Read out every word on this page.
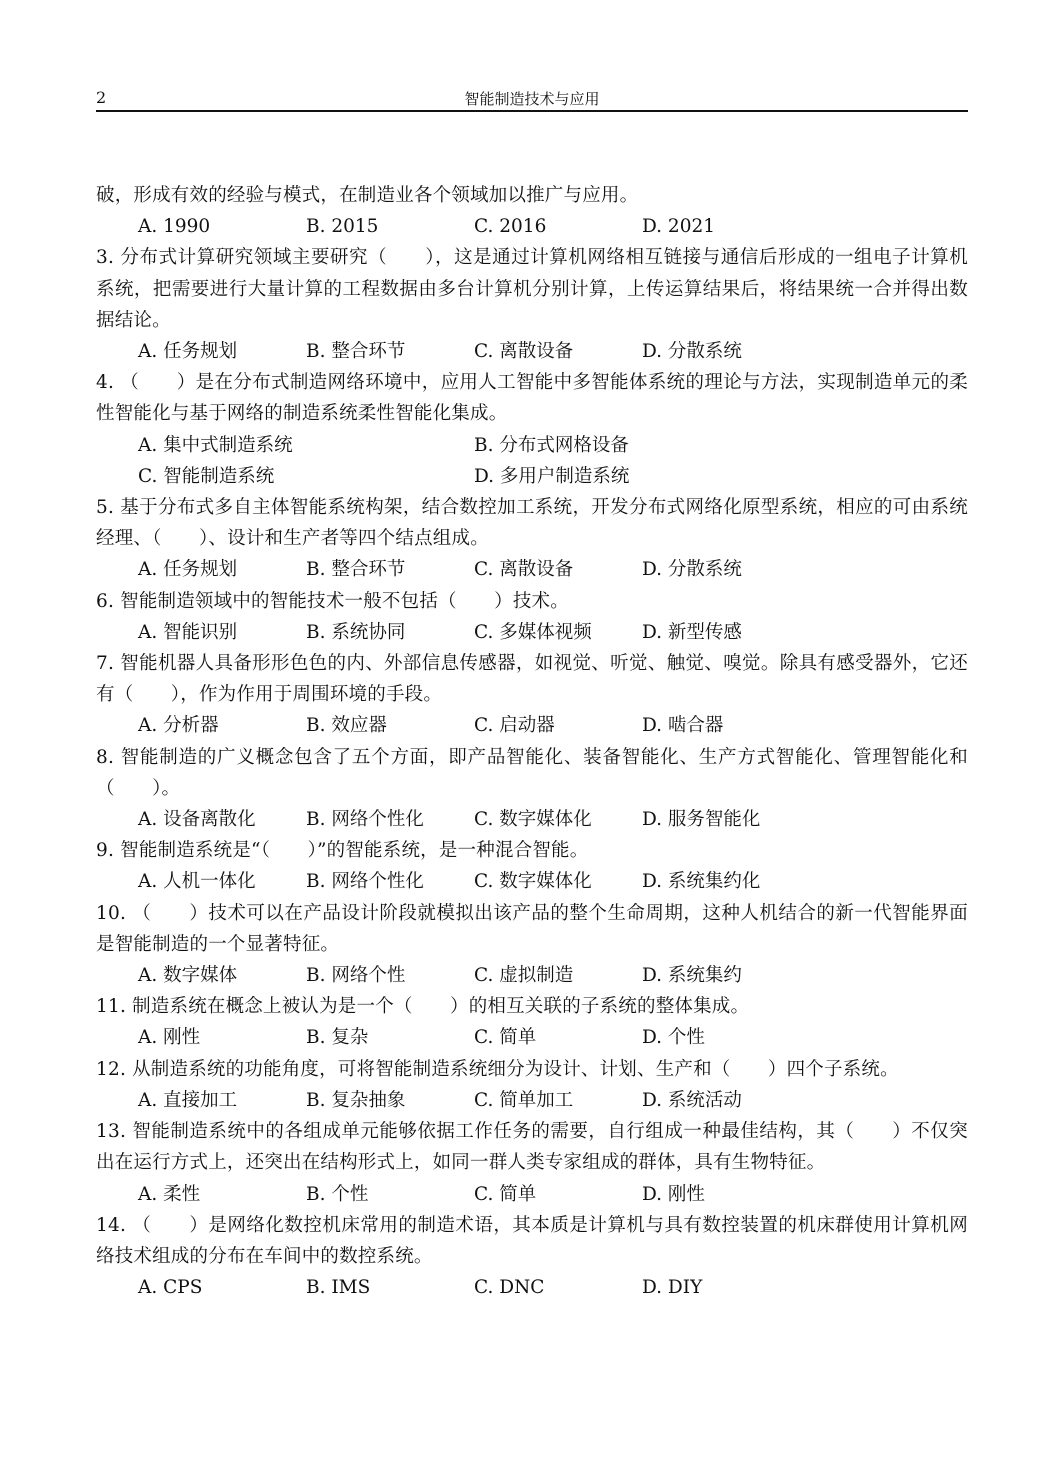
2	智能制造技术与应用
破，形成有效的经验与模式，在制造业各个领域加以推广与应用。
A. 1990	B. 2015	C. 2016	D. 2021
3. 分布式计算研究领域主要研究（　　），这是通过计算机网络相互链接与通信后形成的一组电子计算机系统，把需要进行大量计算的工程数据由多台计算机分别计算，上传运算结果后，将结果统一合并得出数据结论。
A. 任务规划	B. 整合环节	C. 离散设备	D. 分散系统
4. （　　）是在分布式制造网络环境中，应用人工智能中多智能体系统的理论与方法，实现制造单元的柔性智能化与基于网络的制造系统柔性智能化集成。
A. 集中式制造系统	B. 分布式网格设备
C. 智能制造系统	D. 多用户制造系统
5. 基于分布式多自主体智能系统构架，结合数控加工系统，开发分布式网络化原型系统，相应的可由系统经理、（　　）、设计和生产者等四个结点组成。
A. 任务规划	B. 整合环节	C. 离散设备	D. 分散系统
6. 智能制造领域中的智能技术一般不包括（　　）技术。
A. 智能识别	B. 系统协同	C. 多媒体视频	D. 新型传感
7. 智能机器人具备形形色色的内、外部信息传感器，如视觉、听觉、触觉、嗅觉。除具有感受器外，它还有（　　），作为作用于周围环境的手段。
A. 分析器	B. 效应器	C. 启动器	D. 啮合器
8. 智能制造的广义概念包含了五个方面，即产品智能化、装备智能化、生产方式智能化、管理智能化和（　　）。
A. 设备离散化	B. 网络个性化	C. 数字媒体化	D. 服务智能化
9. 智能制造系统是“（　　）”的智能系统，是一种混合智能。
A. 人机一体化	B. 网络个性化	C. 数字媒体化	D. 系统集约化
10. （　　）技术可以在产品设计阶段就模拟出该产品的整个生命周期，这种人机结合的新一代智能界面是智能制造的一个显著特征。
A. 数字媒体	B. 网络个性	C. 虚拟制造	D. 系统集约
11. 制造系统在概念上被认为是一个（　　）的相互关联的子系统的整体集成。
A. 刚性	B. 复杂	C. 简单	D. 个性
12. 从制造系统的功能角度，可将智能制造系统细分为设计、计划、生产和（　　）四个子系统。
A. 直接加工	B. 复杂抽象	C. 简单加工	D. 系统活动
13. 智能制造系统中的各组成单元能够依据工作任务的需要，自行组成一种最佳结构，其（　　）不仅突出在运行方式上，还突出在结构形式上，如同一群人类专家组成的群体，具有生物特征。
A. 柔性	B. 个性	C. 简单	D. 刚性
14. （　　）是网络化数控机床常用的制造术语，其本质是计算机与具有数控装置的机床群使用计算机网络技术组成的分布在车间中的数控系统。
A. CPS	B. IMS	C. DNC	D. DIY
